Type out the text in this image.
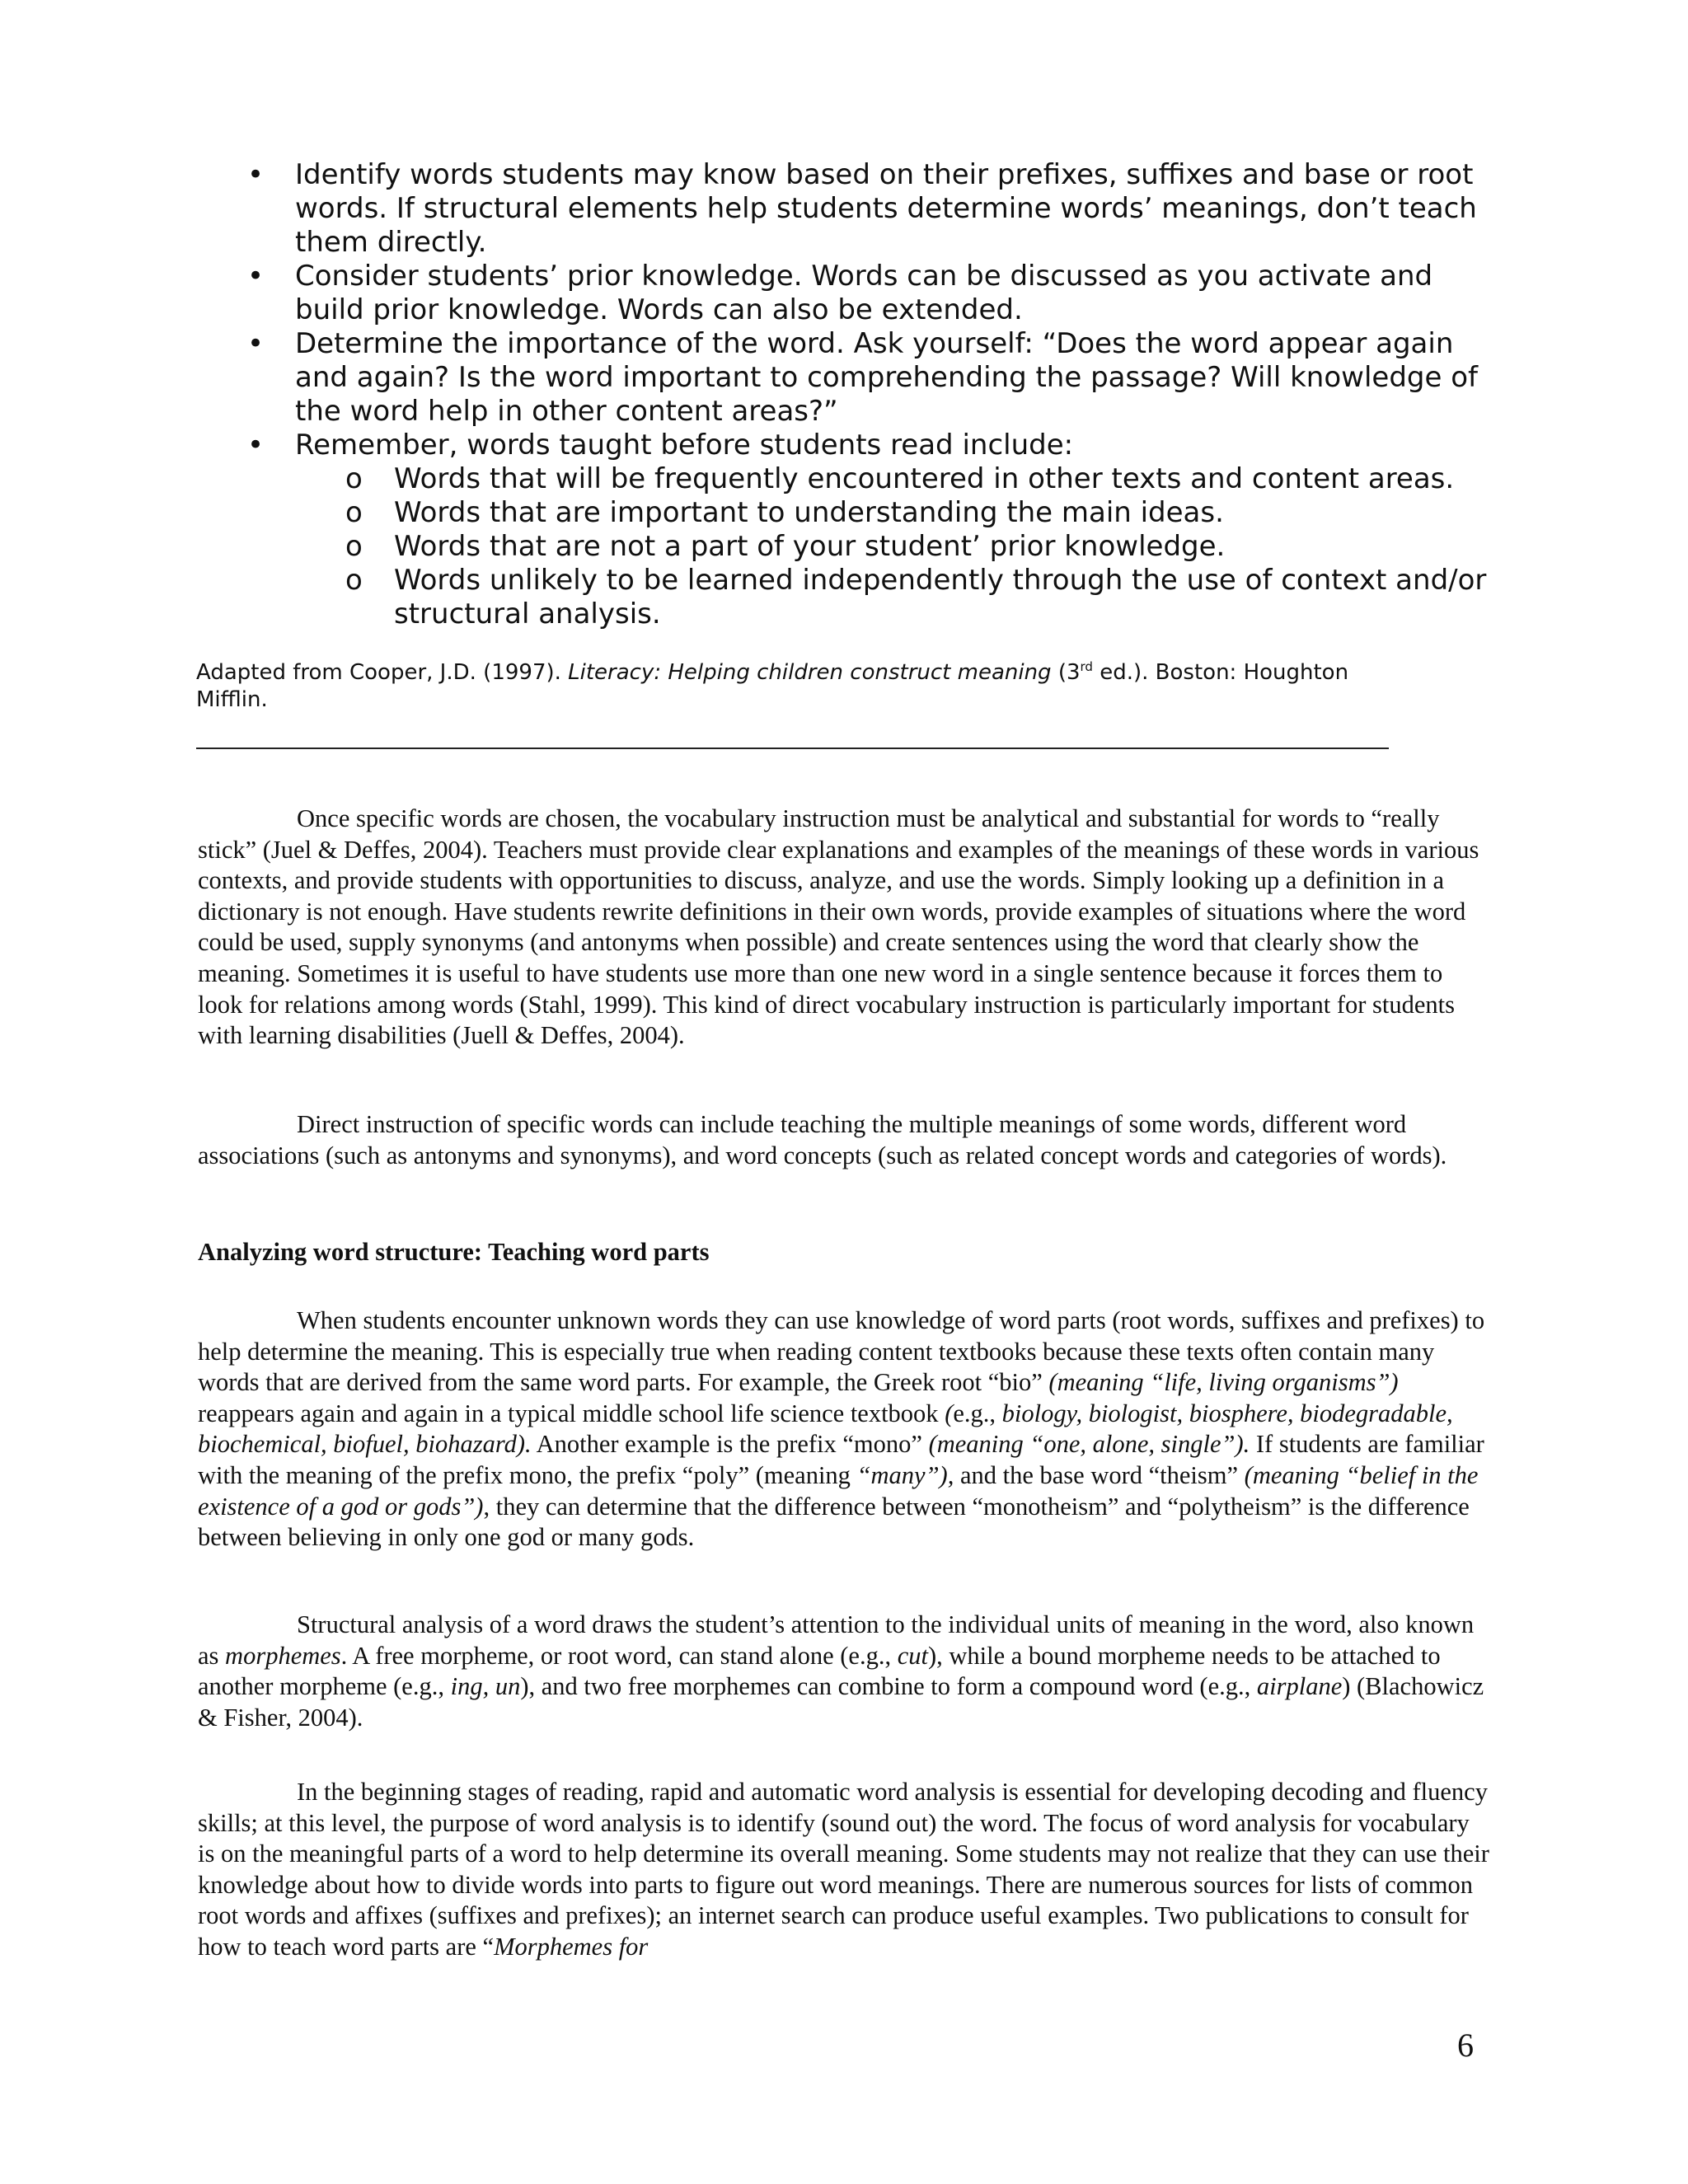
• Identify words students may know based on their prefixes, suffixes and base or root
words. If structural elements help students determine words’ meanings, don’t teach
them directly.
• Consider students’ prior knowledge. Words can be discussed as you activate and
build prior knowledge. Words can also be extended.
• Determine the importance of the word. Ask yourself: “Does the word appear again
and again? Is the word important to comprehending the passage? Will knowledge of
the word help in other content areas?”
• Remember, words taught before students read include:
o Words that will be frequently encountered in other texts and content areas.
o Words that are important to understanding the main ideas.
o Words that are not a part of your student’ prior knowledge.
o Words unlikely to be learned independently through the use of context and/or
structural analysis.
Adapted from Cooper, J.D. (1997). Literacy: Helping children construct meaning (3rd ed.). Boston: Houghton
Mifflin.

Once specific words are chosen, the vocabulary instruction must be analytical and substantial for words to “really stick” (Juel & Deffes, 2004). Teachers must provide clear explanations and examples of the meanings of these words in various contexts, and provide students with opportunities to discuss, analyze, and use the words. Simply looking up a definition in a dictionary is not enough. Have students rewrite definitions in their own words, provide examples of situations where the word could be used, supply synonyms (and antonyms when possible) and create sentences using the word that clearly show the meaning. Sometimes it is useful to have students use more than one new word in a single sentence because it forces them to look for relations among words (Stahl, 1999). This kind of direct vocabulary instruction is particularly important for students with learning disabilities (Juell & Deffes, 2004).

Direct instruction of specific words can include teaching the multiple meanings of some words, different word associations (such as antonyms and synonyms), and word concepts (such as related concept words and categories of words).

Analyzing word structure: Teaching word parts

When students encounter unknown words they can use knowledge of word parts (root words, suffixes and prefixes) to help determine the meaning. This is especially true when reading content textbooks because these texts often contain many words that are derived from the same word parts. For example, the Greek root “bio” (meaning “life, living organisms”) reappears again and again in a typical middle school life science textbook (e.g., biology, biologist, biosphere, biodegradable, biochemical, biofuel, biohazard). Another example is the prefix “mono” (meaning “one, alone, single”). If students are familiar with the meaning of the prefix mono, the prefix “poly” (meaning “many”), and the base word “theism” (meaning “belief in the existence of a god or gods”), they can determine that the difference between “monotheism” and “polytheism” is the difference between believing in only one god or many gods.

Structural analysis of a word draws the student’s attention to the individual units of meaning in the word, also known as morphemes. A free morpheme, or root word, can stand alone (e.g., cut), while a bound morpheme needs to be attached to another morpheme (e.g., ing, un), and two free morphemes can combine to form a compound word (e.g., airplane) (Blachowicz & Fisher, 2004).

In the beginning stages of reading, rapid and automatic word analysis is essential for developing decoding and fluency skills; at this level, the purpose of word analysis is to identify (sound out) the word. The focus of word analysis for vocabulary is on the meaningful parts of a word to help determine its overall meaning. Some students may not realize that they can use their knowledge about how to divide words into parts to figure out word meanings. There are numerous sources for lists of common root words and affixes (suffixes and prefixes); an internet search can produce useful examples. Two publications to consult for how to teach word parts are “Morphemes for

6
